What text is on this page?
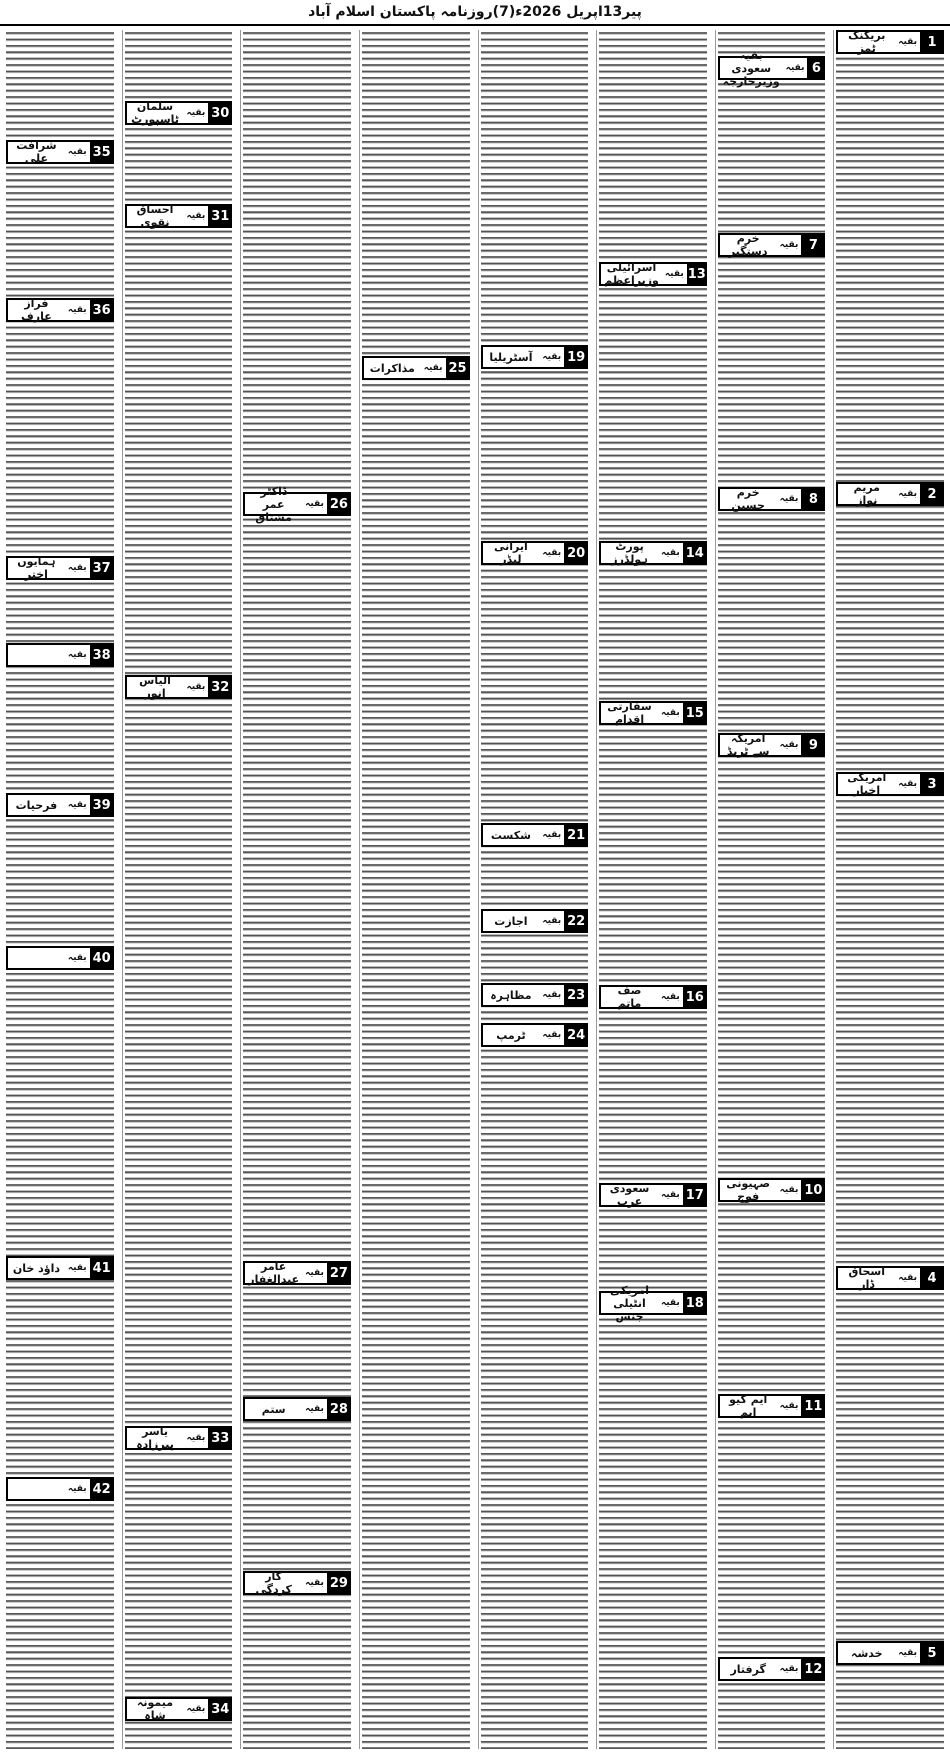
پیر13اپریل 2026ء(7)روزنامہ پاکستان اسلام آباد
1
بقیہ
بریکنگ ٹمز
2
بقیہ
مریم نواز
3
بقیہ
امریکی اخبار
4
بقیہ
اسحاق ڈار
5
بقیہ
خدشہ
6
بقیہ
بقیہ سعودی وزیرخارجہ
7
بقیہ
خرم دستگیر
8
بقیہ
خرم حسین
9
بقیہ
امریکہ سے ٹریڈ
10
بقیہ
صہیونی فوج
11
بقیہ
ایم کیو ایم
12
بقیہ
گرفتار
13
بقیہ
اسرائیلی وزیراعظم
14
بقیہ
پورٹ ہولڈرز
15
بقیہ
سفارتی اقدام
16
بقیہ
صف ماتم
17
بقیہ
سعودی عرب
18
بقیہ
امریکی انٹیلی جنس
19
بقیہ
آسٹریلیا
20
بقیہ
ایرانی لیڈر
21
بقیہ
شکست
22
بقیہ
اجازت
23
بقیہ
مظاہرہ
24
بقیہ
ٹرمپ
25
بقیہ
مذاکرات
26
بقیہ
ڈاکٹر عمر مشتاق
27
بقیہ
عامر عبدالغفار
28
بقیہ
ستم
29
بقیہ
کار کردگی
30
بقیہ
سلمان ٹاسپورٹ
31
بقیہ
احساق نقوی
32
بقیہ
الیاس انور
33
بقیہ
یاسر پیرزادہ
34
بقیہ
میمونہ شاہ
35
بقیہ
شرافت علی
36
بقیہ
فراز عارف
37
بقیہ
ہمایوں اختر
38
بقیہ
39
بقیہ
فرحیات
40
بقیہ
41
بقیہ
داؤد خان
42
بقیہ
